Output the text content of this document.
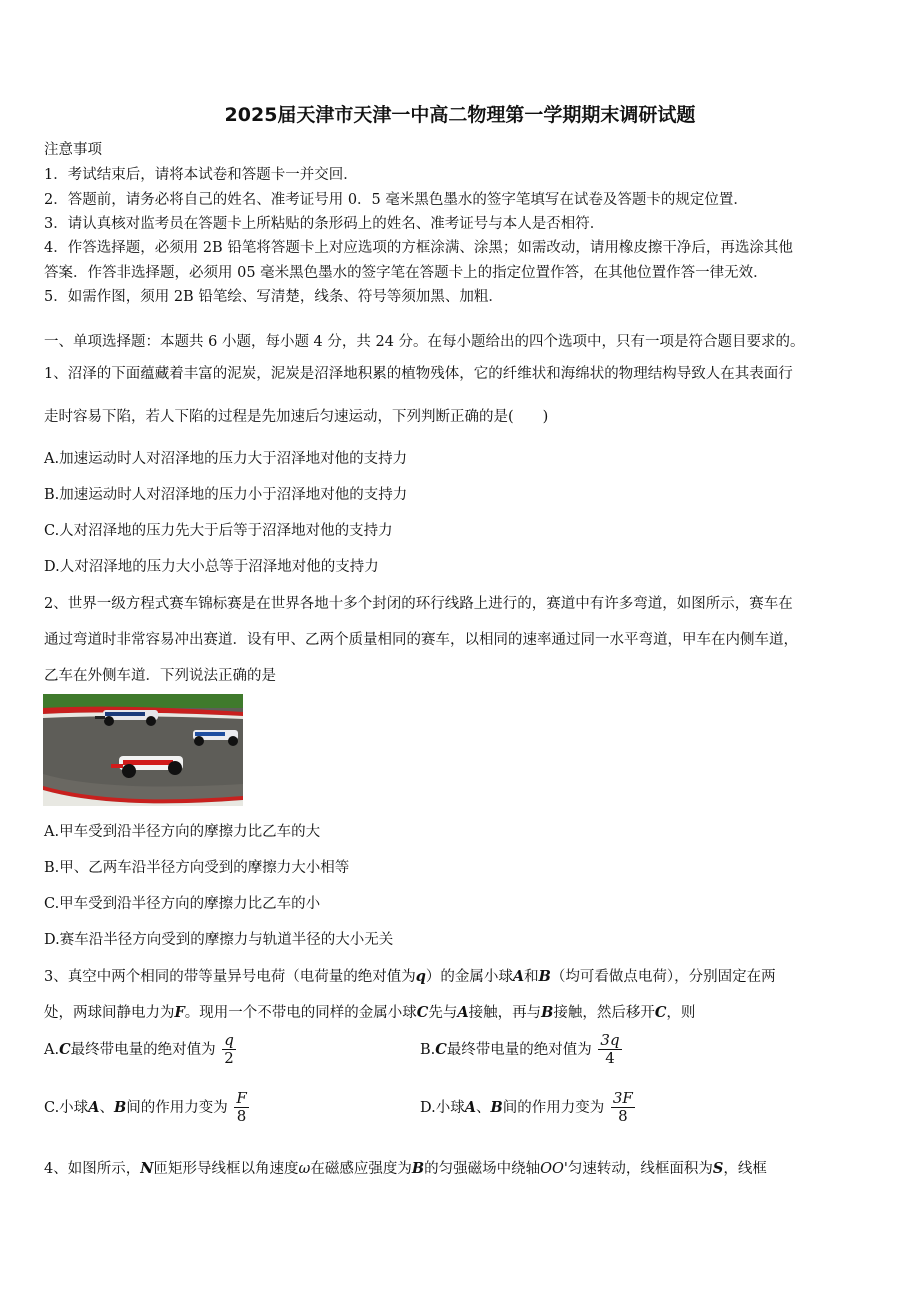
2025届天津市天津一中高二物理第一学期期末调研试题
注意事项
1．考试结束后，请将本试卷和答题卡一并交回．
2．答题前，请务必将自己的姓名、准考证号用 0．5 毫米黑色墨水的签字笔填写在试卷及答题卡的规定位置．
3．请认真核对监考员在答题卡上所粘贴的条形码上的姓名、准考证号与本人是否相符．
4．作答选择题，必须用 2B 铅笔将答题卡上对应选项的方框涂满、涂黑；如需改动，请用橡皮擦干净后，再选涂其他
答案．作答非选择题，必须用 05 毫米黑色墨水的签字笔在答题卡上的指定位置作答，在其他位置作答一律无效．
5．如需作图，须用 2B 铅笔绘、写清楚，线条、符号等须加黑、加粗．
一、单项选择题：本题共 6 小题，每小题 4 分，共 24 分。在每小题给出的四个选项中，只有一项是符合题目要求的。
1、沼泽的下面蕴藏着丰富的泥炭，泥炭是沼泽地积累的植物残体，它的纤维状和海绵状的物理结构导致人在其表面行
走时容易下陷，若人下陷的过程是先加速后匀速运动，下列判断正确的是(　　)
A.加速运动时人对沼泽地的压力大于沼泽地对他的支持力
B.加速运动时人对沼泽地的压力小于沼泽地对他的支持力
C.人对沼泽地的压力先大于后等于沼泽地对他的支持力
D.人对沼泽地的压力大小总等于沼泽地对他的支持力
2、世界一级方程式赛车锦标赛是在世界各地十多个封闭的环行线路上进行的，赛道中有许多弯道，如图所示，赛车在
通过弯道时非常容易冲出赛道．设有甲、乙两个质量相同的赛车，以相同的速率通过同一水平弯道，甲车在内侧车道，
乙车在外侧车道．下列说法正确的是
A.甲车受到沿半径方向的摩擦力比乙车的大
B.甲、乙两车沿半径方向受到的摩擦力大小相等
C.甲车受到沿半径方向的摩擦力比乙车的小
D.赛车沿半径方向受到的摩擦力与轨道半径的大小无关
3、真空中两个相同的带等量异号电荷（电荷量的绝对值为q）的金属小球A和B（均可看做点电荷），分别固定在两
处，两球间静电力为F。现用一个不带电的同样的金属小球C先与A接触，再与B接触，然后移开C，则
A.C最终带电量的绝对值为 $\frac{q}{2}$	B.C最终带电量的绝对值为 $\frac{3q}{4}$
C.小球A、B间的作用力变为 $\frac{F}{8}$	D.小球A、B间的作用力变为 $\frac{3F}{8}$
4、如图所示，N匝矩形导线框以角速度ω在磁感应强度为B的匀强磁场中绕轴OO'匀速转动，线框面积为S，线框
